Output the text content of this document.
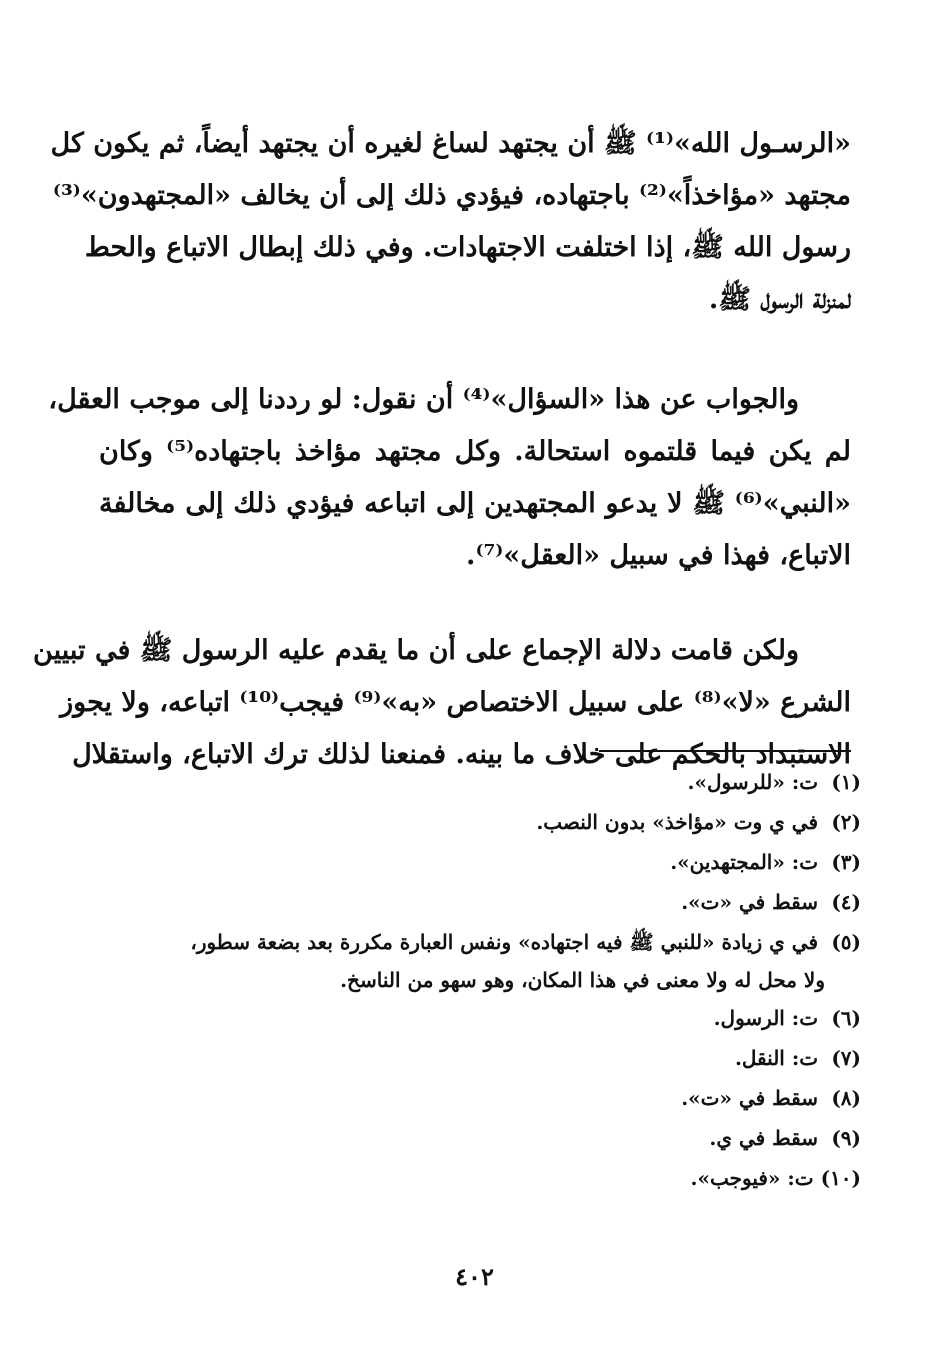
«الرسـول الله»⁽¹⁾ ﷺ أن يجتهد لساغ لغيره أن يجتهد أيضاً، ثم يكون كل
مجتهد «مؤاخذاً»⁽²⁾ باجتهاده، فيؤدي ذلك إلى أن يخالف «المجتهدون»⁽³⁾
رسول الله ﷺ، إذا اختلفت الاجتهادات. وفي ذلك إبطال الاتباع والحط
لمنزلة الرسول ﷺ.
والجواب عن هذا «السؤال»⁽⁴⁾ أن نقول: لو رددنا إلى موجب العقل،
لم يكن فيما قلتموه استحالة. وكل مجتهد مؤاخذ باجتهاده⁽⁵⁾ وكان
«النبي»⁽⁶⁾ ﷺ لا يدعو المجتهدين إلى اتباعه فيؤدي ذلك إلى مخالفة
الاتباع، فهذا في سبيل «العقل»⁽⁷⁾.
ولكن قامت دلالة الإجماع على أن ما يقدم عليه الرسول ﷺ في تبيين
الشرع «لا»⁽⁸⁾ على سبيل الاختصاص «به»⁽⁹⁾ فيجب⁽¹⁰⁾ اتباعه، ولا يجوز
الاستبداد بالحكم على خلاف ما بينه. فمنعنا لذلك ترك الاتباع، واستقلال
(١) ت: «للرسول».
(٢) في ي وت «مؤاخذ» بدون النصب.
(٣) ت: «المجتهدين».
(٤) سقط في «ت».
(٥) في ي زيادة «للنبي ﷺ فيه اجتهاده» ونفس العبارة مكررة بعد بضعة سطور،
ولا محل له ولا معنى في هذا المكان، وهو سهو من الناسخ.
(٦) ت: الرسول.
(٧) ت: النقل.
(٨) سقط في «ت».
(٩) سقط في ي.
(١٠) ت: «فيوجب».
٤٠٢
